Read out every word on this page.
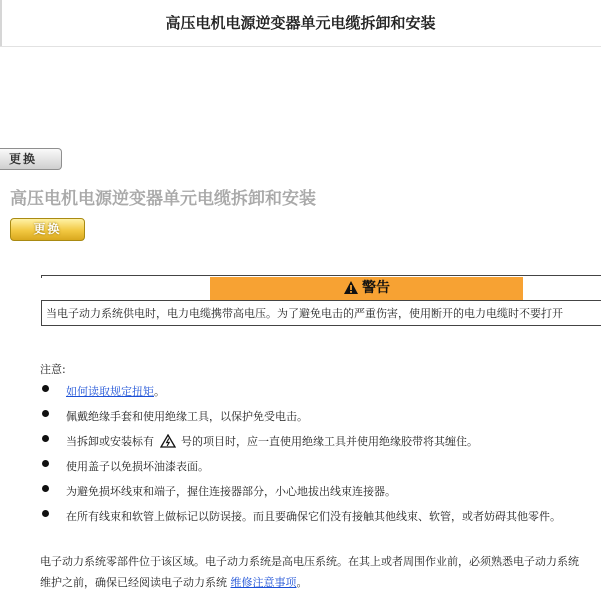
高压电机电源逆变器单元电缆拆卸和安装
更换
高压电机电源逆变器单元电缆拆卸和安装
更换
警告
当电子动力系统供电时，电力电缆携带高电压。为了避免电击的严重伤害，使用断开的电力电缆时不要打开
注意:
如何读取规定扭矩。
佩戴绝缘手套和使用绝缘工具，以保护免受电击。
当拆卸或安装标有 号的项目时，应一直使用绝缘工具并使用绝缘胶带将其缠住。
使用盖子以免损坏油漆表面。
为避免损坏线束和端子，握住连接器部分，小心地拔出线束连接器。
在所有线束和软管上做标记以防误接。而且要确保它们没有接触其他线束、软管，或者妨碍其他零件。
电子动力系统零部件位于该区域。电子动力系统是高电压系统。在其上或者周围作业前，必须熟悉电子动力系统
维护之前，确保已经阅读电子动力系统 维修注意事项。
